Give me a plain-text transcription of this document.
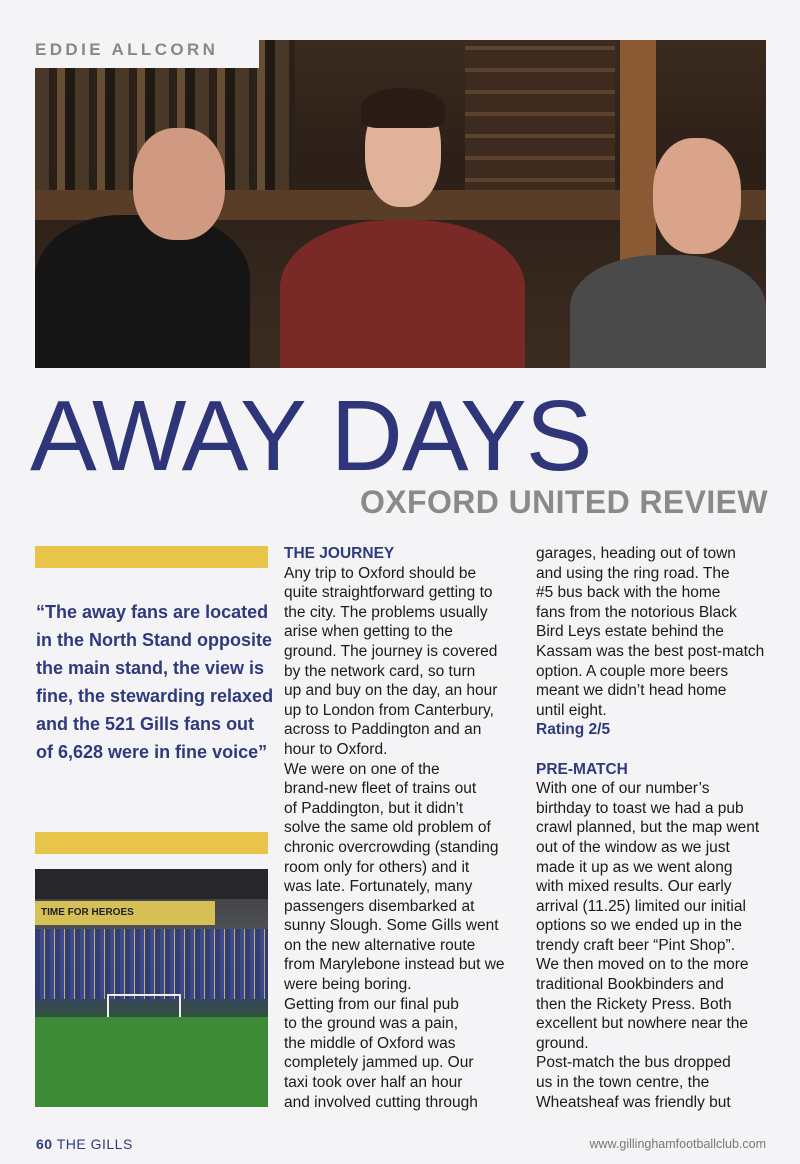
EDDIE ALLCORN
AWAY DAYS
OXFORD UNITED REVIEW
“The away fans are located in the North Stand opposite the main stand, the view is fine, the stewarding relaxed and the 521 Gills fans out of 6,628 were in fine voice”
TIME FOR HEROES

THE JOURNEY

Any trip to Oxford should be

quite straightforward getting to

the city. The problems usually

arise when getting to the

ground. The journey is covered

by the network card, so turn

up and buy on the day, an hour

up to London from Canterbury,

across to Paddington and an

hour to Oxford.

We were on one of the

brand-new fleet of trains out

of Paddington, but it didn’t

solve the same old problem of

chronic overcrowding (standing

room only for others) and it

was late. Fortunately, many

passengers disembarked at

sunny Slough. Some Gills went

on the new alternative route

from Marylebone instead but we

were being boring.

Getting from our final pub

to the ground was a pain,

the middle of Oxford was

completely jammed up. Our

taxi took over half an hour

and involved cutting through

garages, heading out of town

and using the ring road. The

#5 bus back with the home

fans from the notorious Black

Bird Leys estate behind the

Kassam was the best post-match

option. A couple more beers

meant we didn’t head home

until eight.

Rating 2/5

PRE-MATCH

With one of our number’s

birthday to toast we had a pub

crawl planned, but the map went

out of the window as we just

made it up as we went along

with mixed results. Our early

arrival (11.25) limited our initial

options so we ended up in the

trendy craft beer “Pint Shop”.

We then moved on to the more

traditional Bookbinders and

then the Rickety Press. Both

excellent but nowhere near the

ground.

Post-match the bus dropped

us in the town centre, the

Wheatsheaf was friendly but

60 THE GILLS	www.gillinghamfootballclub.com
